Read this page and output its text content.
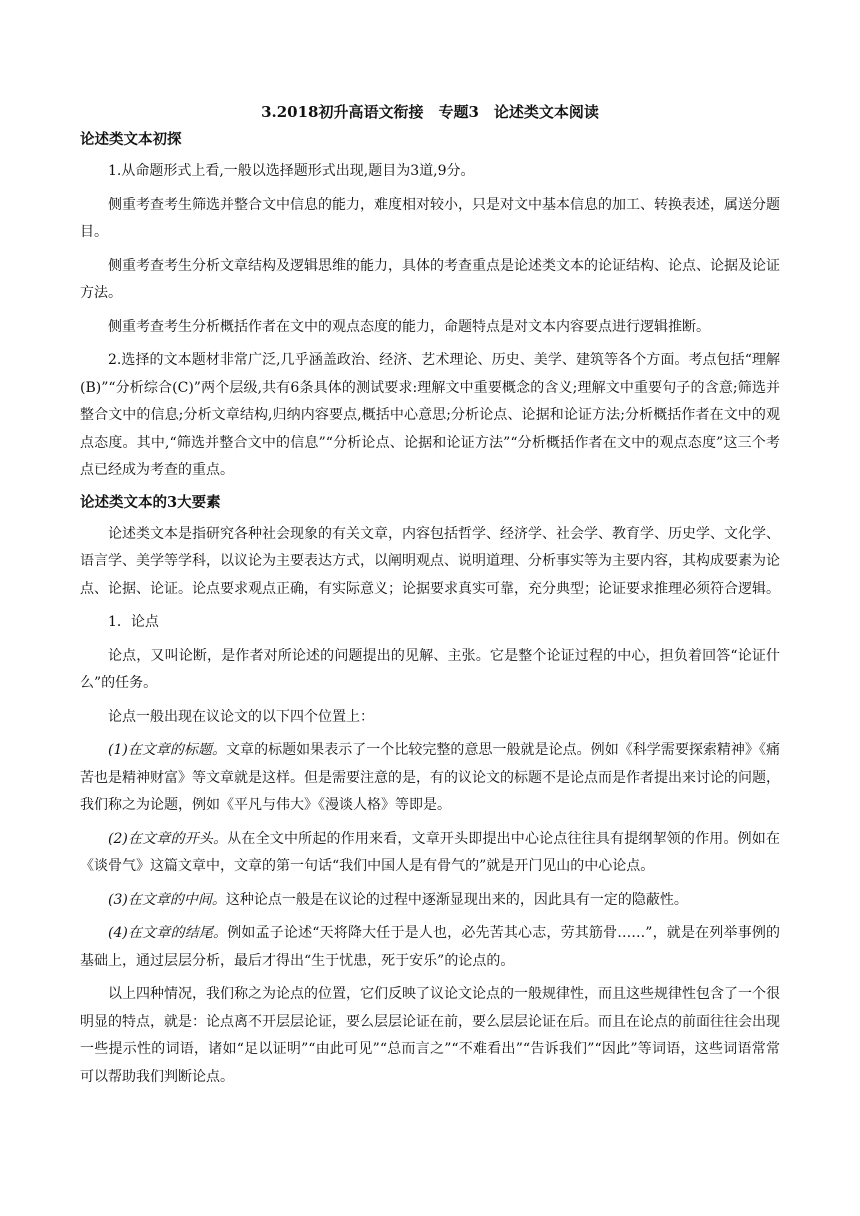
3.2018初升高语文衔接　专题3　论述类文本阅读
论述类文本初探

1.从命题形式上看,一般以选择题形式出现,题目为3道,9分。

侧重考查考生筛选并整合文中信息的能力，难度相对较小，只是对文中基本信息的加工、转换表述，属送分题目。

侧重考查考生分析文章结构及逻辑思维的能力，具体的考查重点是论述类文本的论证结构、论点、论据及论证方法。

侧重考查考生分析概括作者在文中的观点态度的能力，命题特点是对文本内容要点进行逻辑推断。

2.选择的文本题材非常广泛,几乎涵盖政治、经济、艺术理论、历史、美学、建筑等各个方面。考点包括“理解(B)”“分析综合(C)”两个层级,共有6条具体的测试要求:理解文中重要概念的含义;理解文中重要句子的含意;筛选并整合文中的信息;分析文章结构,归纳内容要点,概括中心意思;分析论点、论据和论证方法;分析概括作者在文中的观点态度。其中,“筛选并整合文中的信息”“分析论点、论据和论证方法”“分析概括作者在文中的观点态度”这三个考点已经成为考查的重点。

论述类文本的3大要素

论述类文本是指研究各种社会现象的有关文章，内容包括哲学、经济学、社会学、教育学、历史学、文化学、语言学、美学等学科，以议论为主要表达方式，以阐明观点、说明道理、分析事实等为主要内容，其构成要素为论点、论据、论证。论点要求观点正确，有实际意义；论据要求真实可靠，充分典型；论证要求推理必须符合逻辑。

1．论点

论点，又叫论断，是作者对所论述的问题提出的见解、主张。它是整个论证过程的中心，担负着回答“论证什么”的任务。

论点一般出现在议论文的以下四个位置上：

(1)在文章的标题。文章的标题如果表示了一个比较完整的意思一般就是论点。例如《科学需要探索精神》《痛苦也是精神财富》等文章就是这样。但是需要注意的是，有的议论文的标题不是论点而是作者提出来讨论的问题，我们称之为论题，例如《平凡与伟大》《漫谈人格》等即是。

(2)在文章的开头。从在全文中所起的作用来看，文章开头即提出中心论点往往具有提纲挈领的作用。例如在《谈骨气》这篇文章中，文章的第一句话“我们中国人是有骨气的”就是开门见山的中心论点。

(3)在文章的中间。这种论点一般是在议论的过程中逐渐显现出来的，因此具有一定的隐蔽性。

(4)在文章的结尾。例如孟子论述“天将降大任于是人也，必先苦其心志，劳其筋骨……”，就是在列举事例的基础上，通过层层分析，最后才得出“生于忧患，死于安乐”的论点的。

以上四种情况，我们称之为论点的位置，它们反映了议论文论点的一般规律性，而且这些规律性包含了一个很明显的特点，就是：论点离不开层层论证，要么层层论证在前，要么层层论证在后。而且在论点的前面往往会出现一些提示性的词语，诸如“足以证明”“由此可见”“总而言之”“不难看出”“告诉我们”“因此”等词语，这些词语常常可以帮助我们判断论点。
